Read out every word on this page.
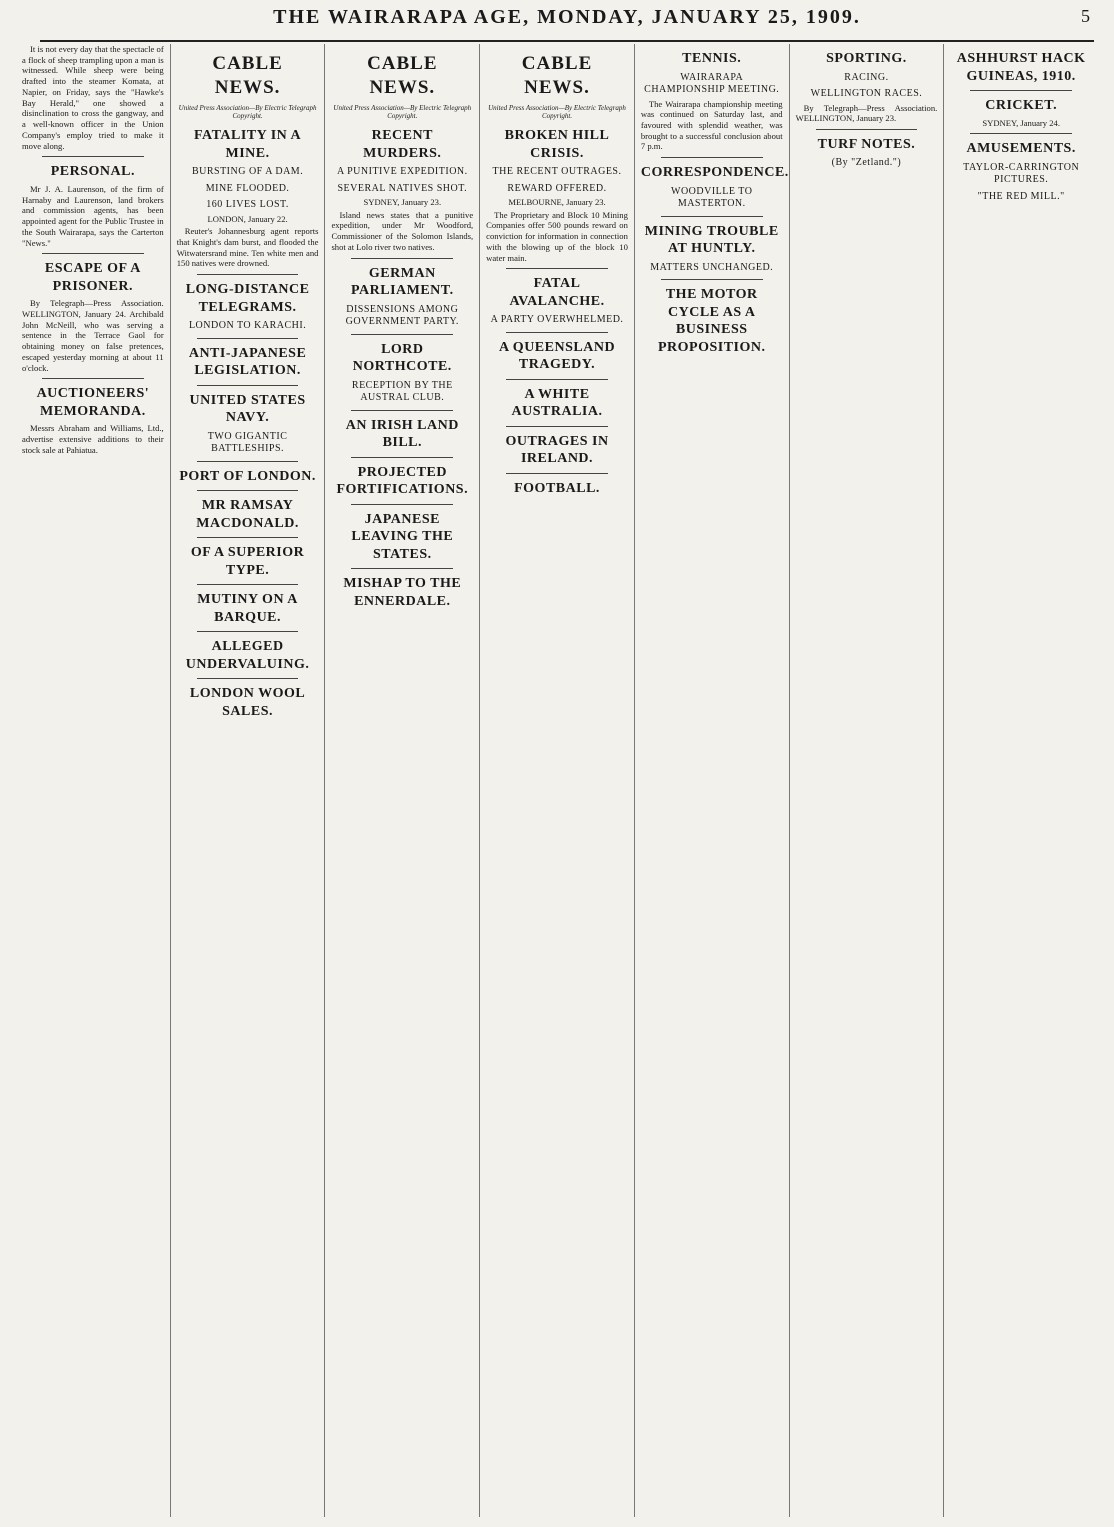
THE WAIRARAPA AGE, MONDAY, JANUARY 25, 1909.	5

It is not every day that the spectacle of a flock of sheep trampling upon a man is witnessed. While sheep were being drafted into the steamer Komata, at Napier, on Friday, says the "Hawke's Bay Herald," one showed a disinclination to cross the gangway, and a well-known officer in the Union Company's employ tried to make it move along.

PERSONAL.

Mr J. A. Laurenson, of the firm of Harnaby and Laurenson, land brokers and commission agents, has been appointed agent for the Public Trustee in the South Wairarapa, says the Carterton "News."

ESCAPE OF A PRISONER.

By Telegraph—Press Association. WELLINGTON, January 24. Archibald John McNeill, who was serving a sentence in the Terrace Gaol for obtaining money on false pretences, escaped yesterday morning at about 11 o'clock.

AUCTIONEERS' MEMORANDA.

Messrs Abraham and Williams, Ltd., advertise extensive additions to their stock sale at Pahiatua.

CABLE NEWS.
United Press Association—By Electric Telegraph Copyright.
FATALITY IN A MINE.
BURSTING OF A DAM.
MINE FLOODED.
160 LIVES LOST.
LONDON, January 22.

Reuter's Johannesburg agent reports that Knight's dam burst, and flooded the Witwatersrand mine. Ten white men and 150 natives were drowned.

LONG-DISTANCE TELEGRAMS.
LONDON TO KARACHI.
ANTI-JAPANESE LEGISLATION.
UNITED STATES NAVY.
TWO GIGANTIC BATTLESHIPS.
PORT OF LONDON.
MR RAMSAY MACDONALD.
OF A SUPERIOR TYPE.
MUTINY ON A BARQUE.
ALLEGED UNDERVALUING.
LONDON WOOL SALES.
CABLE NEWS.
United Press Association—By Electric Telegraph Copyright.
RECENT MURDERS.
A PUNITIVE EXPEDITION.
SEVERAL NATIVES SHOT.
SYDNEY, January 23.

Island news states that a punitive expedition, under Mr Woodford, Commissioner of the Solomon Islands, shot at Lolo river two natives.

GERMAN PARLIAMENT.
DISSENSIONS AMONG GOVERNMENT PARTY.
LORD NORTHCOTE.
RECEPTION BY THE AUSTRAL CLUB.
AN IRISH LAND BILL.
PROJECTED FORTIFICATIONS.
JAPANESE LEAVING THE STATES.
MISHAP TO THE ENNERDALE.
CABLE NEWS.
United Press Association—By Electric Telegraph Copyright.
BROKEN HILL CRISIS.
THE RECENT OUTRAGES.
REWARD OFFERED.
MELBOURNE, January 23.

The Proprietary and Block 10 Mining Companies offer 500 pounds reward on conviction for information in connection with the blowing up of the block 10 water main.

FATAL AVALANCHE.
A PARTY OVERWHELMED.
A QUEENSLAND TRAGEDY.
A WHITE AUSTRALIA.
OUTRAGES IN IRELAND.
FOOTBALL.
TENNIS.
WAIRARAPA CHAMPIONSHIP MEETING.

The Wairarapa championship meeting was continued on Saturday last, and favoured with splendid weather, was brought to a successful conclusion about 7 p.m.

CORRESPONDENCE.
WOODVILLE TO MASTERTON.
MINING TROUBLE AT HUNTLY.
MATTERS UNCHANGED.
THE MOTOR CYCLE AS A BUSINESS PROPOSITION.
SPORTING.
RACING.
WELLINGTON RACES.

By Telegraph—Press Association. WELLINGTON, January 23.

TURF NOTES.
(By "Zetland.")
ASHHURST HACK GUINEAS, 1910.
CRICKET.
SYDNEY, January 24.
AMUSEMENTS.
TAYLOR-CARRINGTON PICTURES.
"THE RED MILL."
